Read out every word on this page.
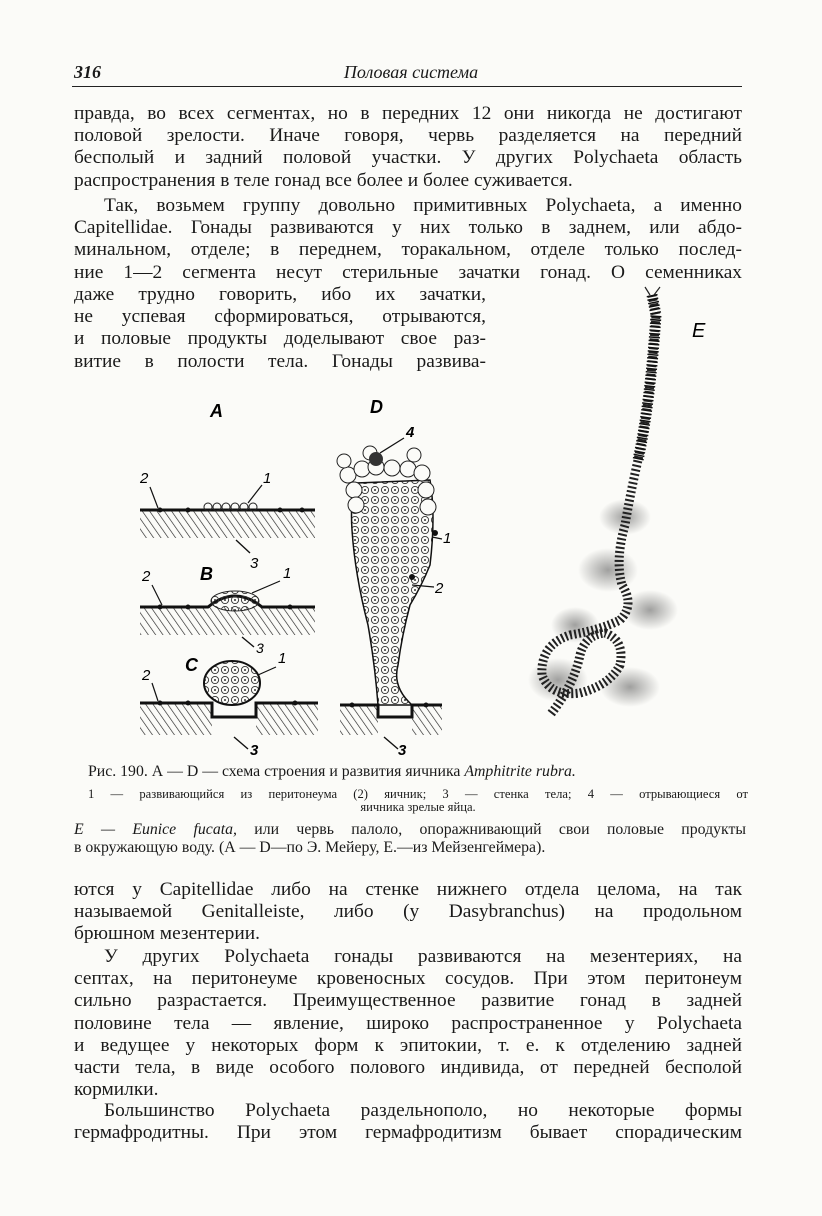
316	Половая система
правда, во всех сегментах, но в передних 12 они никогда не достигают
половой зрелости. Иначе говоря, червь разделяется на передний
бесполый и задний половой участки. У других Polychaeta область
распространения в теле гонад все более и более суживается.
Так, возьмем группу довольно примитивных Polychaeta, а именно
Capitellidae. Гонады развиваются у них только в заднем, или абдо-
минальном, отделе; в переднем, торакальном, отделе только послед-
ние 1—2 сегмента несут стерильные зачатки гонад. О семенниках
даже трудно говорить, ибо их зачатки,
не успевая сформироваться, отрываются,
и половые продукты доделывают свое раз-
витие в полости тела. Гонады развива-
A
B
C
D
E
2	1
3
2	1
3
2
1
3
4
1
2
3
Рис. 190. А — D — схема строения и развития яичника Amphitrite rubra.
1 — развивающийся из перитонеума (2) яичник; 3 — стенка тела; 4 — отрывающиеся от
яичника зрелые яйца.
E — Eunice fucata, или червь палоло, опоражнивающий свои половые продукты
в окружающую воду. (А — D—по Э. Мейеру, Е.—из Мейзенгеймера).
ются у Capitellidae либо на стенке нижнего отдела целома, на так
называемой Genitalleiste, либо (у Dasybranchus) на продольном
брюшном мезентерии.
У других Polychaeta гонады развиваются на мезентериях, на
септах, на перитонеуме кровеносных сосудов. При этом перитонеум
сильно разрастается. Преимущественное развитие гонад в задней
половине тела — явление, широко распространенное у Polychaeta
и ведущее у некоторых форм к эпитокии, т. е. к отделению задней
части тела, в виде особого полового индивида, от передней бесполой
кормилки.
Большинство Polychaeta раздельнополо, но некоторые формы
гермафродитны. При этом гермафродитизм бывает спорадическим
